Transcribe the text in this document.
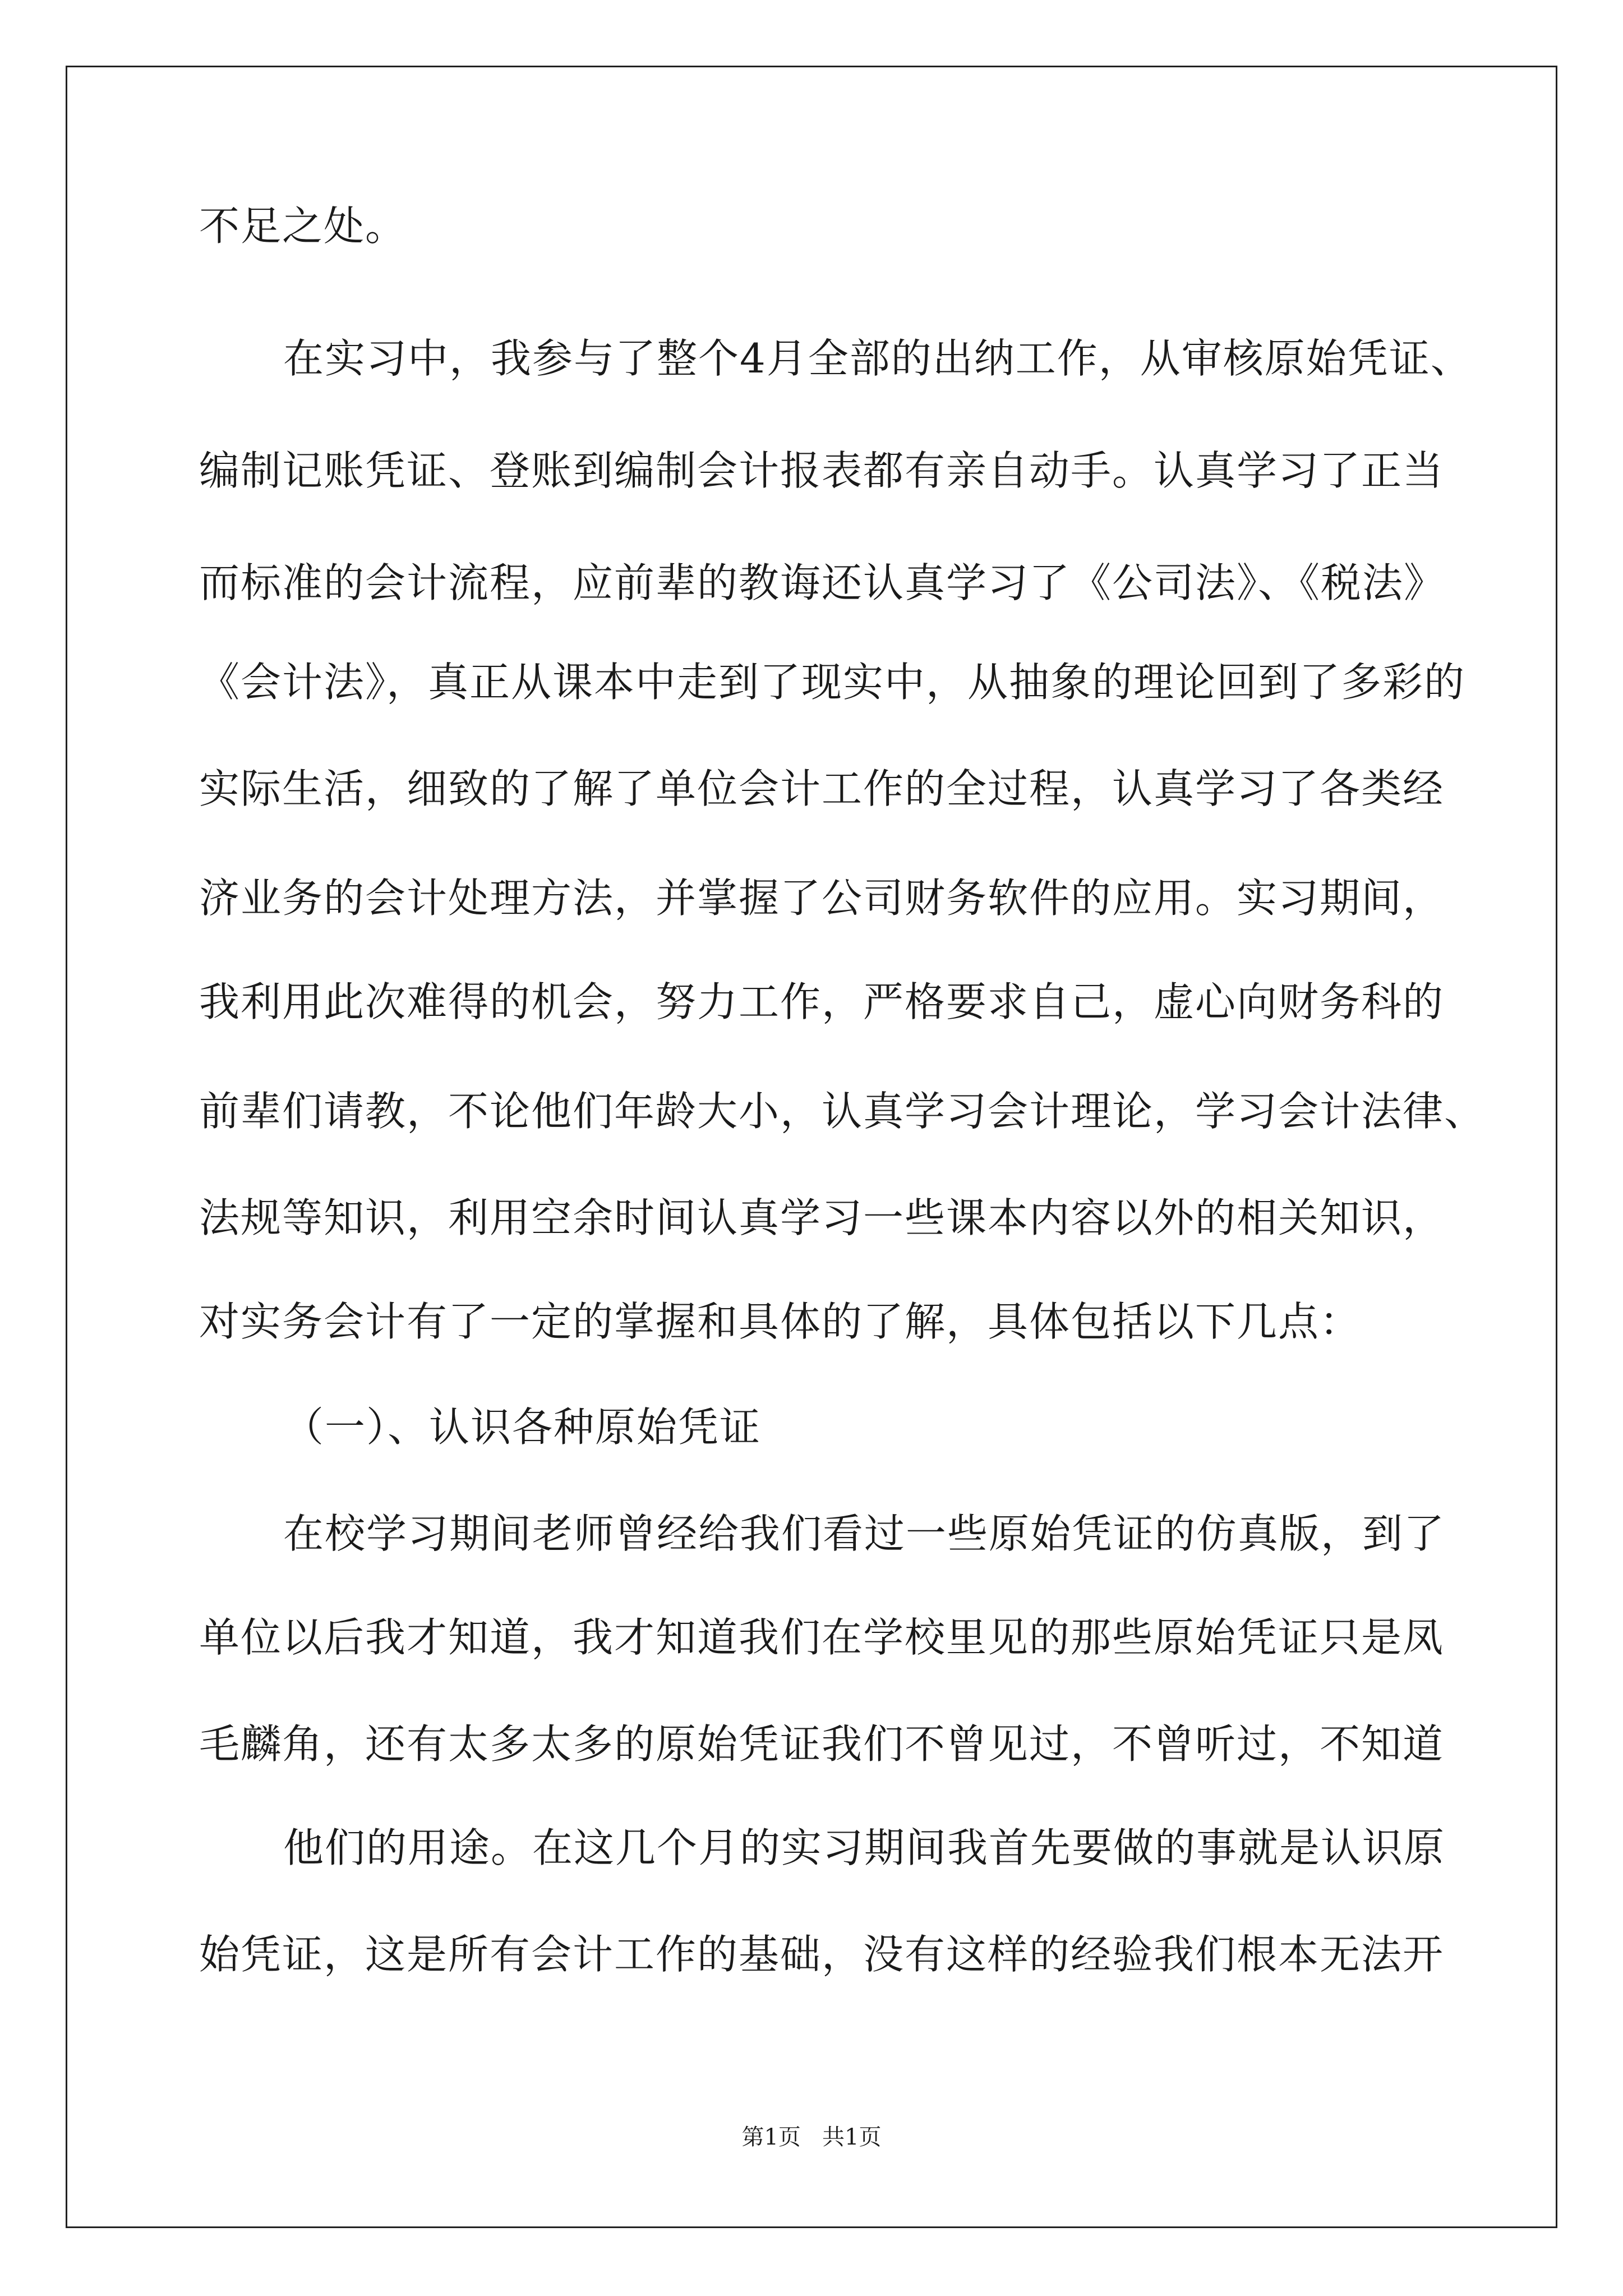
不足之处。
在实习中，我参与了整个4月全部的出纳工作，从审核原始凭证、
编制记账凭证、登账到编制会计报表都有亲自动手。认真学习了正当
而标准的会计流程，应前辈的教诲还认真学习了《公司法》、《税法》
《会计法》，真正从课本中走到了现实中，从抽象的理论回到了多彩的
实际生活，细致的了解了单位会计工作的全过程，认真学习了各类经
济业务的会计处理方法，并掌握了公司财务软件的应用。实习期间，
我利用此次难得的机会，努力工作，严格要求自己，虚心向财务科的
前辈们请教，不论他们年龄大小，认真学习会计理论，学习会计法律、
法规等知识，利用空余时间认真学习一些课本内容以外的相关知识，
对实务会计有了一定的掌握和具体的了解，具体包括以下几点：
（一）、认识各种原始凭证
在校学习期间老师曾经给我们看过一些原始凭证的仿真版，到了
单位以后我才知道，我才知道我们在学校里见的那些原始凭证只是凤
毛麟角，还有太多太多的原始凭证我们不曾见过，不曾听过，不知道
他们的用途。在这几个月的实习期间我首先要做的事就是认识原
始凭证，这是所有会计工作的基础，没有这样的经验我们根本无法开
第1页   共1页
